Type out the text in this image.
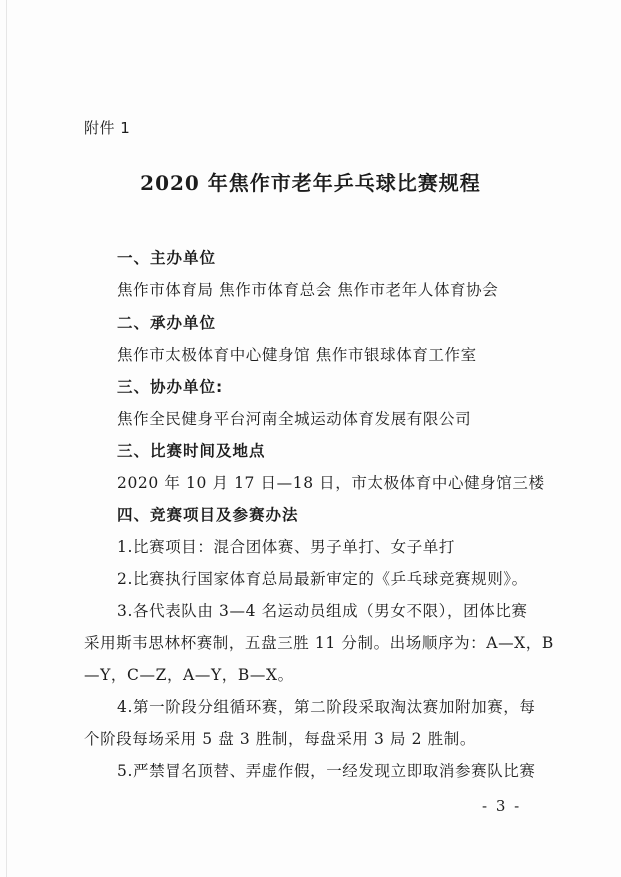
附件 1
2020 年焦作市老年乒乓球比赛规程
一、主办单位
焦作市体育局 焦作市体育总会 焦作市老年人体育协会
二、承办单位
焦作市太极体育中心健身馆 焦作市银球体育工作室
三、协办单位:
焦作全民健身平台河南全城运动体育发展有限公司
三、比赛时间及地点
2020 年 10 月 17 日—18 日，市太极体育中心健身馆三楼
四、竞赛项目及参赛办法
1.比赛项目：混合团体赛、男子单打、女子单打
2.比赛执行国家体育总局最新审定的《乒乓球竞赛规则》。
3.各代表队由 3—4 名运动员组成（男女不限），团体比赛
采用斯韦思林杯赛制，五盘三胜 11 分制。出场顺序为：A—X，B
—Y，C—Z，A—Y，B—X。
4.第一阶段分组循环赛，第二阶段采取淘汰赛加附加赛，每
个阶段每场采用 5 盘 3 胜制，每盘采用 3 局 2 胜制。
5.严禁冒名顶替、弄虚作假，一经发现立即取消参赛队比赛
- 3 -
